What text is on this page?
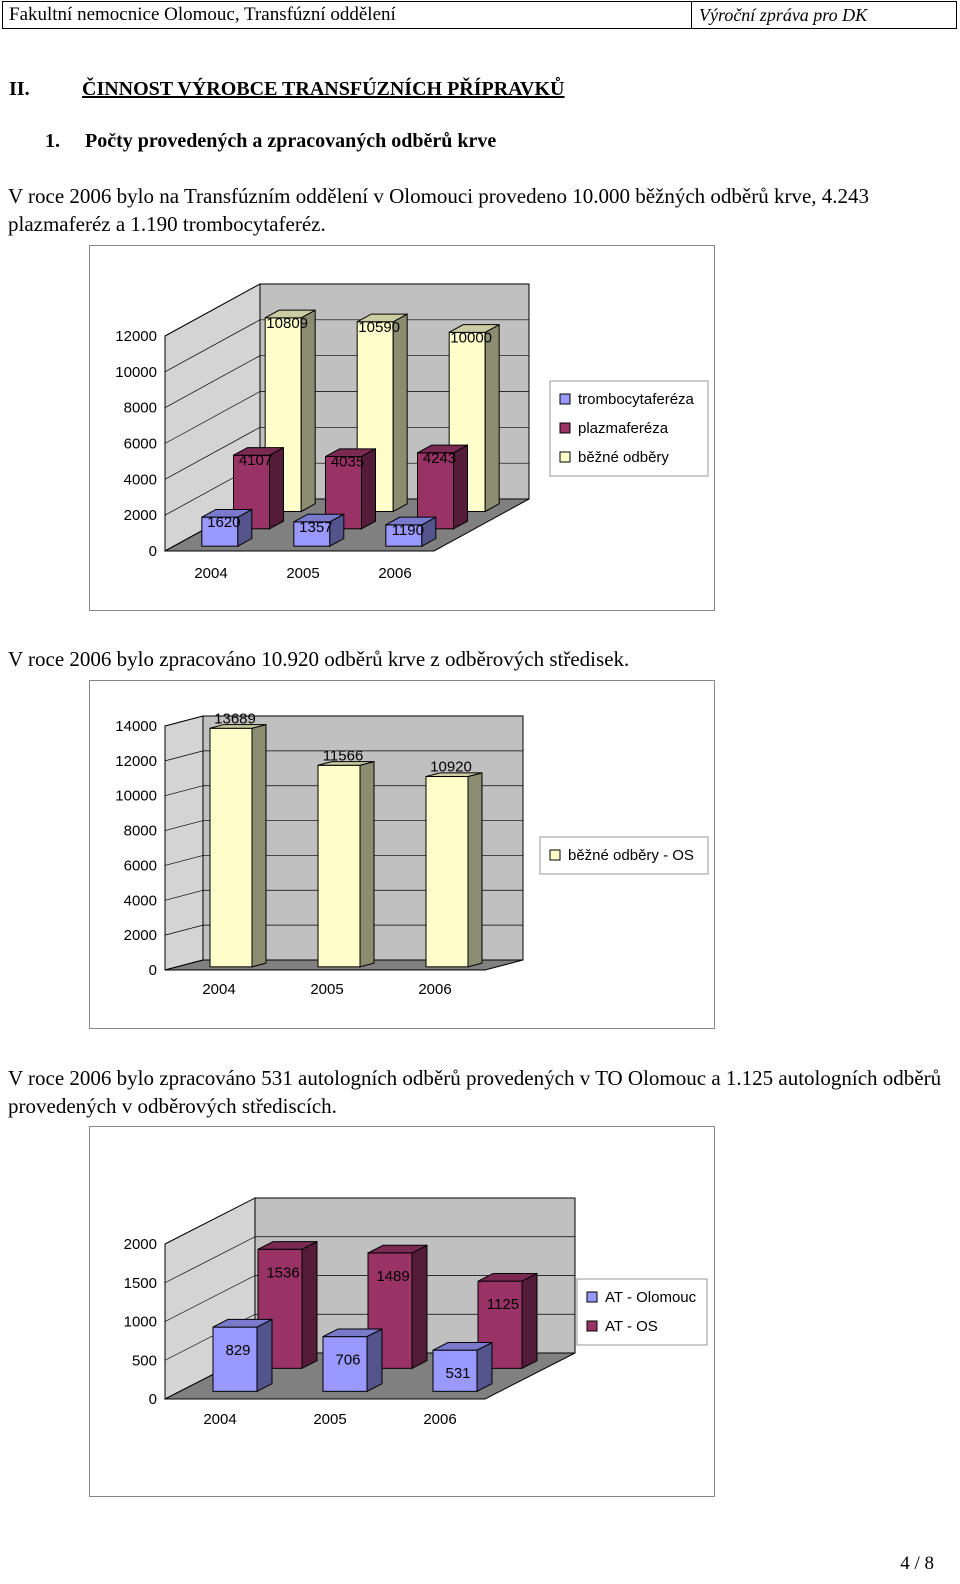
Fakultní nemocnice Olomouc, Transfúzní oddělení	Výroční zpráva pro DK
II.	ČINNOST VÝROBCE TRANSFÚZNÍCH PŘÍPRAVKŮ
1. Počty provedených a zpracovaných odběrů krve
V roce 2006 bylo na Transfúzním oddělení v Olomouci provedeno 10.000 běžných odběrů krve, 4.243 plazmaferéz a 1.190 trombocytaferéz.
0
2000
4000
6000
8000
10000
12000
10809	10590
10000
4107	4035	4243
1620	1357	1190
2004	2005	2006
trombocytaferéza
plazmaferéza
běžné odběry
V roce 2006 bylo zpracováno 10.920 odběrů krve z odběrových středisek.
0
2000
4000
6000
8000
10000
12000
14000	13689
11566
10920
2004	2005	2006
běžné odběry - OS
V roce 2006 bylo zpracováno 531 autologních odběrů provedených v TO Olomouc a 1.125 autologních odběrů provedených v odběrových střediscích.
0
500
1000
1500
2000
1536	1489
1125
829
706
531
2004	2005	2006
AT - Olomouc
AT - OS
4 / 8
